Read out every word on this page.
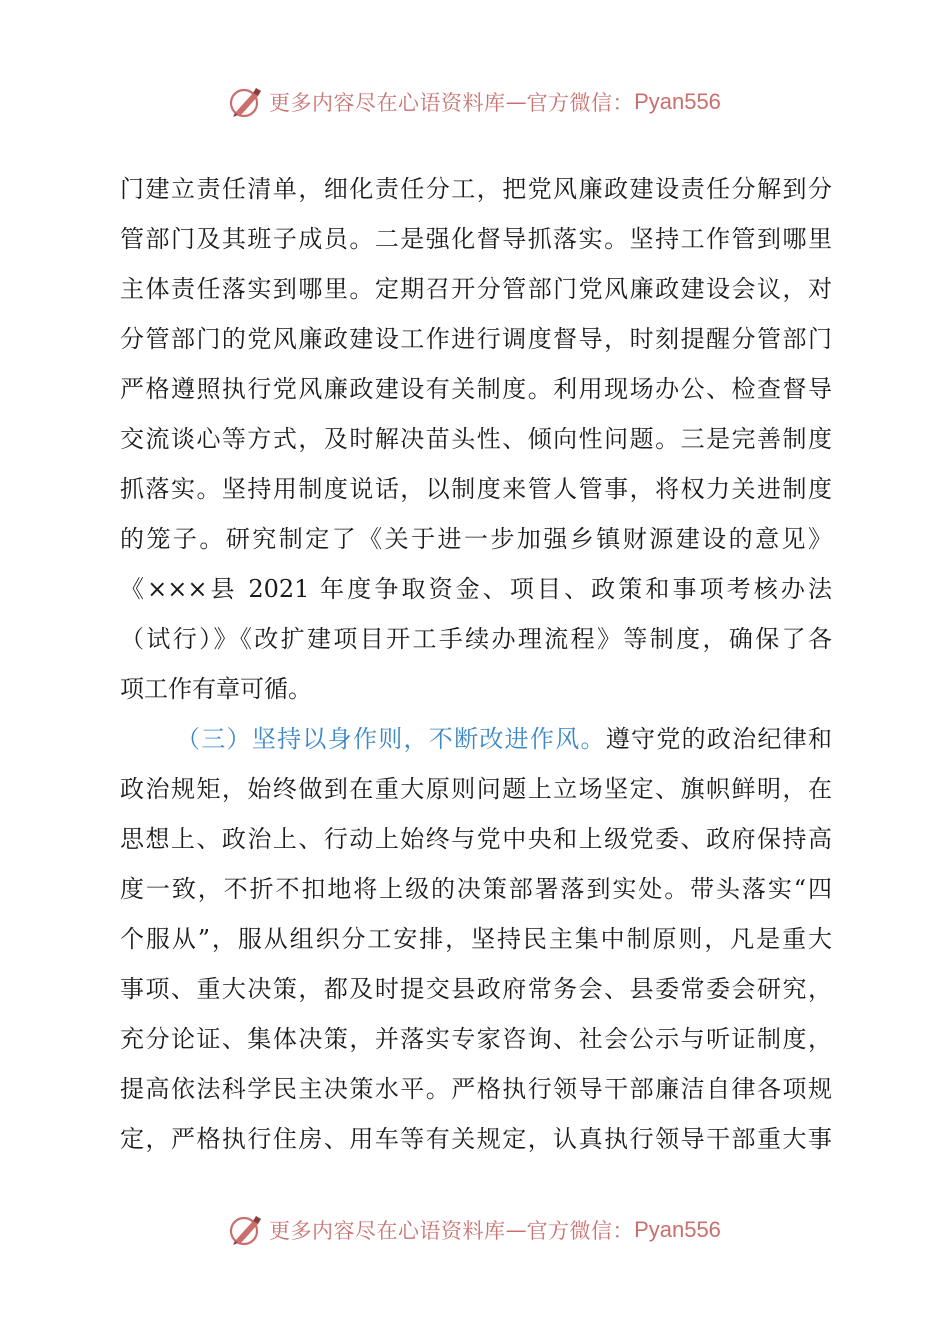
更多内容尽在心语资料库 — 官方微信： Pyan556
门建立责任清单，细化责任分工，把党风廉政建设责任分解到分
管部门及其班子成员。二是强化督导抓落实。坚持工作管到哪里
主体责任落实到哪里。定期召开分管部门党风廉政建设会议，对
分管部门的党风廉政建设工作进行调度督导，时刻提醒分管部门
严格遵照执行党风廉政建设有关制度。利用现场办公、检查督导
交流谈心等方式，及时解决苗头性、倾向性问题。三是完善制度
抓落实。坚持用制度说话，以制度来管人管事，将权力关进制度
的笼子。研究制定了《关于进一步加强乡镇财源建设的意见》
《×××县 2021 年度争取资金、项目、政策和事项考核办法
（试行）》《改扩建项目开工手续办理流程》等制度，确保了各
项工作有章可循。
（三）坚持以身作则，不断改进作风。遵守党的政治纪律和
政治规矩，始终做到在重大原则问题上立场坚定、旗帜鲜明，在
思想上、政治上、行动上始终与党中央和上级党委、政府保持高
度一致，不折不扣地将上级的决策部署落到实处。带头落实“四
个服从”，服从组织分工安排，坚持民主集中制原则，凡是重大
事项、重大决策，都及时提交县政府常务会、县委常委会研究，
充分论证、集体决策，并落实专家咨询、社会公示与听证制度，
提高依法科学民主决策水平。严格执行领导干部廉洁自律各项规
定，严格执行住房、用车等有关规定，认真执行领导干部重大事
更多内容尽在心语资料库 — 官方微信： Pyan556
